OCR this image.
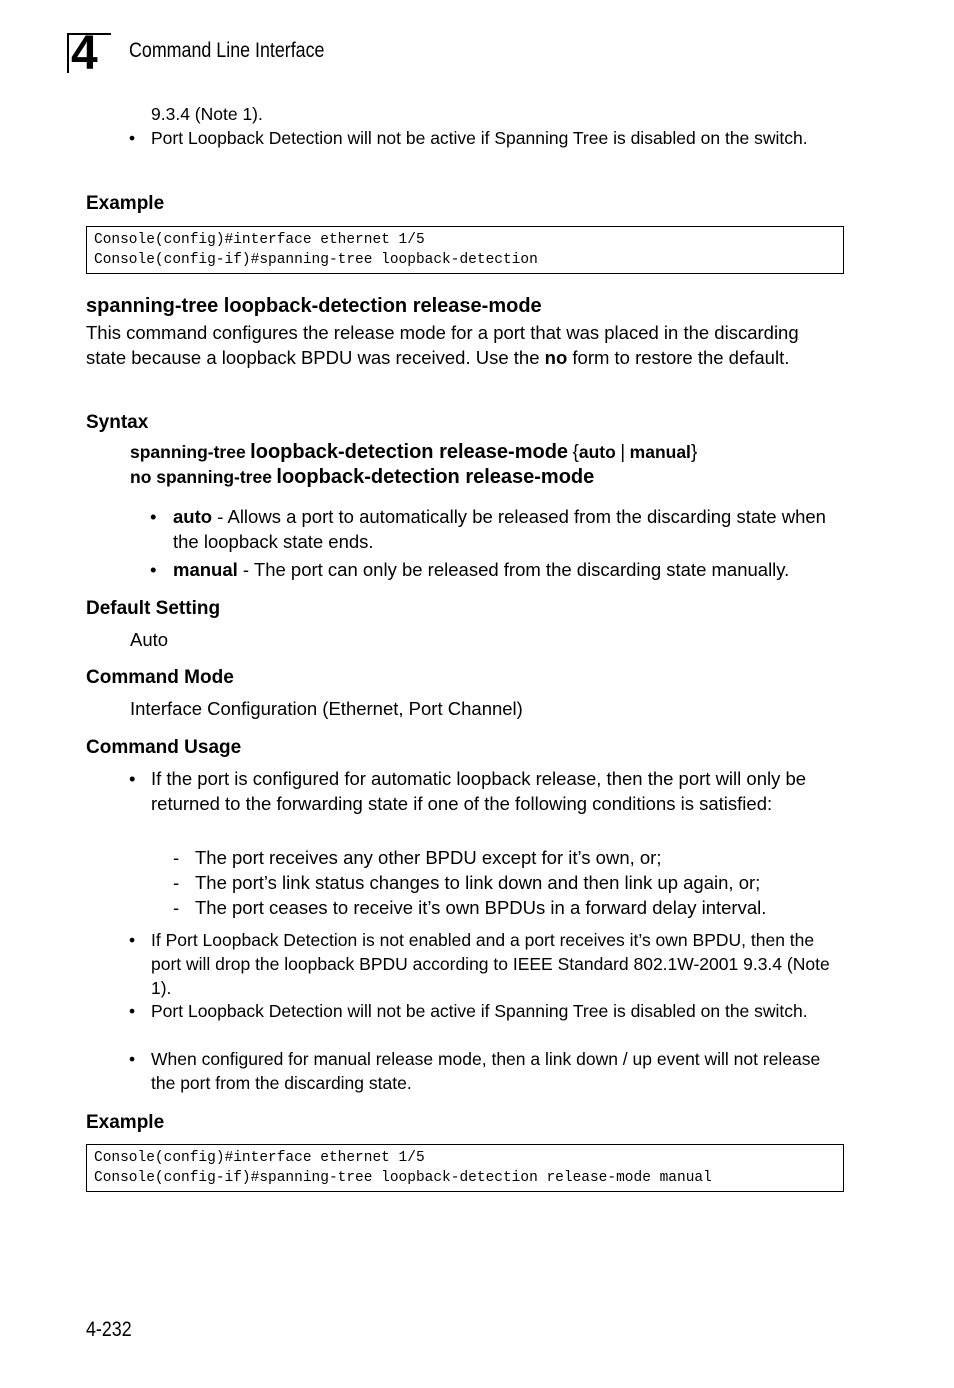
4 Command Line Interface

9.3.4 (Note 1).

• Port Loopback Detection will not be active if Spanning Tree is disabled on the switch.
Example
Console(config)#interface ethernet 1/5
Console(config-if)#spanning-tree loopback-detection
spanning-tree loopback-detection release-mode

This command configures the release mode for a port that was placed in the discarding state because a loopback BPDU was received. Use the no form to restore the default.

Syntax
spanning-tree loopback-detection release-mode {auto | manual}
no spanning-tree loopback-detection release-mode
• auto - Allows a port to automatically be released from the discarding state when the loopback state ends.
• manual - The port can only be released from the discarding state manually.
Default Setting

Auto

Command Mode

Interface Configuration (Ethernet, Port Channel)

Command Usage
• If the port is configured for automatic loopback release, then the port will only be returned to the forwarding state if one of the following conditions is satisfied:
- The port receives any other BPDU except for it’s own, or;
- The port’s link status changes to link down and then link up again, or;
- The port ceases to receive it’s own BPDUs in a forward delay interval.
• If Port Loopback Detection is not enabled and a port receives it’s own BPDU, then the port will drop the loopback BPDU according to IEEE Standard 802.1W-2001 9.3.4 (Note 1).
• Port Loopback Detection will not be active if Spanning Tree is disabled on the switch.
• When configured for manual release mode, then a link down / up event will not release the port from the discarding state.
Example
Console(config)#interface ethernet 1/5
Console(config-if)#spanning-tree loopback-detection release-mode manual
4-232
